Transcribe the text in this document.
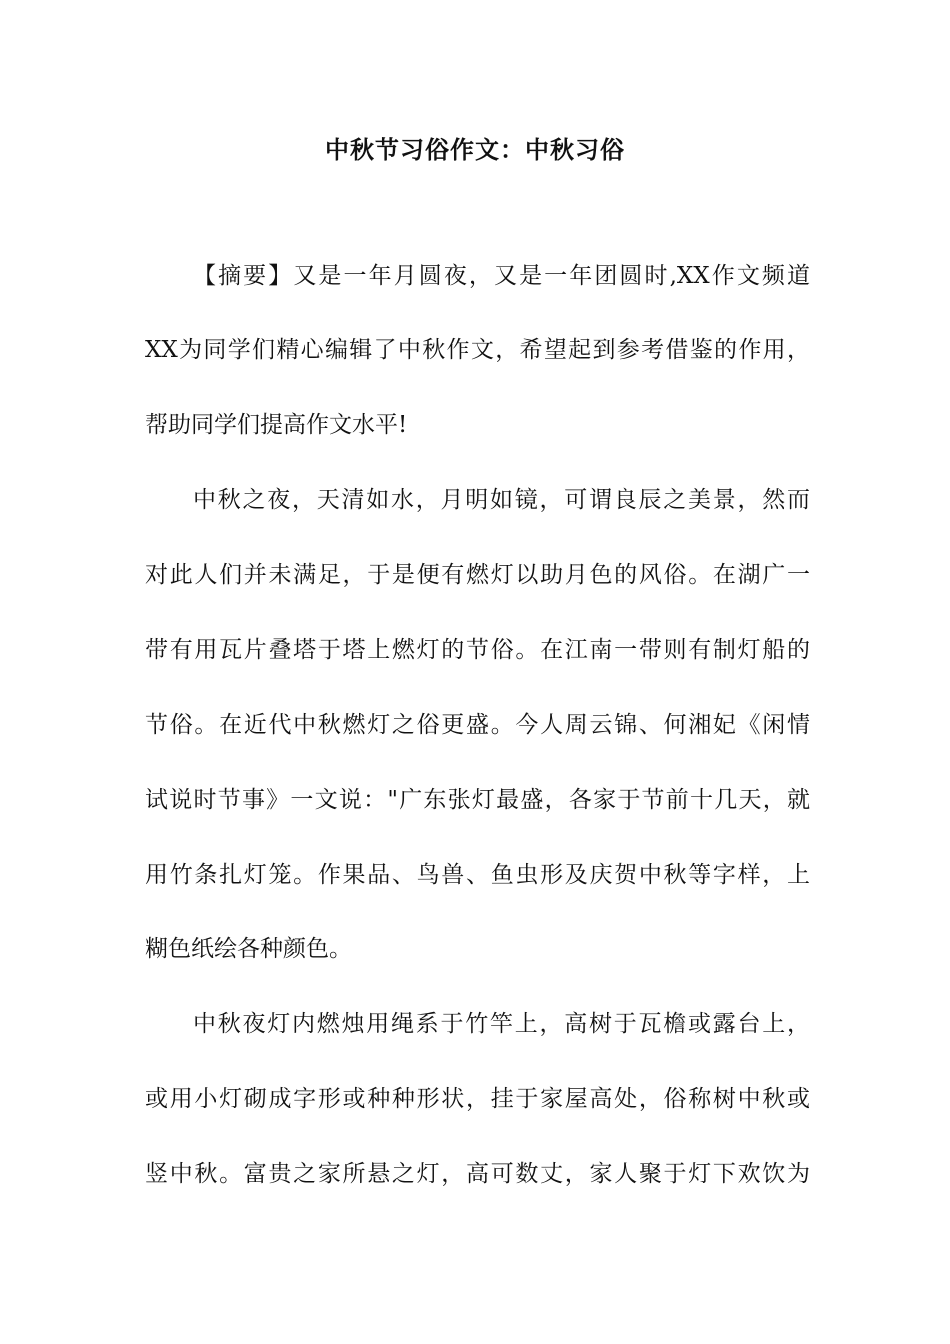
中秋节习俗作文：中秋习俗
【摘要】又是一年月圆夜，又是一年团圆时,XX作文频道
XX为同学们精心编辑了中秋作文，希望起到参考借鉴的作用，
帮助同学们提高作文水平!
中秋之夜，天清如水，月明如镜，可谓良辰之美景，然而
对此人们并未满足，于是便有燃灯以助月色的风俗。在湖广一
带有用瓦片叠塔于塔上燃灯的节俗。在江南一带则有制灯船的
节俗。在近代中秋燃灯之俗更盛。今人周云锦、何湘妃《闲情
试说时节事》一文说："广东张灯最盛，各家于节前十几天，就
用竹条扎灯笼。作果品、鸟兽、鱼虫形及庆贺中秋等字样，上
糊色纸绘各种颜色。
中秋夜灯内燃烛用绳系于竹竿上，高树于瓦檐或露台上，
或用小灯砌成字形或种种形状，挂于家屋高处，俗称树中秋或
竖中秋。富贵之家所悬之灯，高可数丈，家人聚于灯下欢饮为
